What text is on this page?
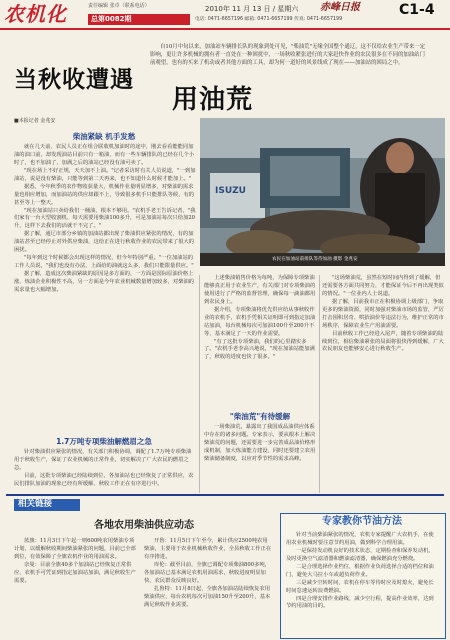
农机化	责任编辑 张卓（联系电话）
总第0082期
2010年 11 月 13 日 / 星期六 赤峰日报	C1-4
电话: 0471-6657196 邮箱: 0471-6657199 传真: 0471-6657199

自10月中旬以来，加油站车辆排长队的现象到处可见，"柴油荒"无缘全国整个通辽，这不仅给农业生产带来一定影响，更让许多机械的拥有者一直处在一种困扰中，一场秋收紧张进行的大家赶快作业的农民很多在不同的加油站门前观望，也有的买来了机动或者其他方面的工具，却为何一道好的风景线成了现在——加油站的困局之中。

当秋收遭遇
用油荒
■本报记者 金兆安
ISUZU
农民在加油站前排队等待加油 摄影 金兆安

柴油紧缺 机手发愁

就在几天前，农民人员正在组合联收机加油时的途中，刚去看看能能同加油的油口前，却发现油站目前只有一箱油，而有一些车辆排队的已经在几个小时了，也不加油了，加满之后的油站已经没有油可卖了。

"现在场上不好正规，天天加不上油。"记者采访时有关人员说道，"一到加油站，说是没有柴油，只能等到第二天再来，也不知道什么时候才能加上。"

据悉，今年秋季的农作物收获量大，机械作业量明显增多，对柴油的需求量也相应增加，而加油站的供应却跟不上，导致很多机手只能排队等候，有的甚至等上一整天。

"现在加油站只卖给我们一桶油，根本不够用。"农机手老王告诉记者，"我们家有一台大型收割机，每天需要用柴油100多升，可是加油站每次只给加20升，这样下去我们的活就干不完了。"

据了解，通辽市部分乡镇的加油站都出现了柴油供应紧张的情况，有的加油站甚至已经停止对外供应柴油，这给正在进行秋收作业的农民带来了很大的困扰。

"每年到这个时候都会出现这样的情况，但今年特别严重。"一位加油站的工作人员说，"我们也没有办法，上面给的油就这么多，我们只能限量供应。"

据了解，造成这次柴油紧缺的原因是多方面的，一方面是国际原油价格上涨，炼油企业积极性不高，另一方面是今年农业机械数量增加较多，对柴油的需求量也大幅增加。

1.7万吨专项柴油解燃眉之急

针对柴油供应紧张的情况，有关部门积极协调，调配了1.7万吨专项柴油用于秋收生产，保证了农业机械的正常作业，切实解决了广大农民的燃眉之急。

目前，这批专项柴油已经陆续到位，各加油站也已经恢复了正常供应，农民们排队加油的现象已经有所缓解，秋收工作正在有序进行中。

上述柴油销售价格为每吨，为保障专项柴油能够真正用于农业生产，有关部门对专项柴油的使用进行了严格的监督管理，确保每一滴油都用到农民身上。

据介绍，专项柴油将优先供应给从事秋收作业的农机手，农机手凭相关证明即可到指定加油站加油，每台机械每次可加油100升至200升不等，基本满足了一天的作业需要。

"有了这批专项柴油，我们的心里踏实多了。"农机手老李高兴地说，"现在加油站能加满了，秋收的进度也快了很多。"

"柴油荒"有待缓解

一场柴油荒，暴露出了我国成品油供应体系中存在的诸多问题。专家表示，要从根本上解决柴油荒的问题，还需要进一步完善成品油价格形成机制，加大炼油能力建设，同时还要建立农用柴油储备制度，以应对季节性的需求高峰。

"这场柴油荒，虽然在短时间内得到了缓解，但还需要各方面共同努力，才能保证今后不再出现类似的情况。"一位业内人士说道。

据了解，目前我市正在积极协调上级部门，争取更多的柴油资源，同时加强对柴油市场的监管，严厉打击囤积居奇、哄抬油价等违法行为，维护正常的市场秩序，保障农业生产用油需要。

目前秋收工作已经进入尾声，随着专项柴油的陆续到位，相信柴油紧张的局面将很快得到缓解，广大农民朋友也能够安心进行秋收生产。

相关链接
各地农用柴油供应动态

蓝旗：11月3日下午起一则600吨农用柴油专项计划，以缓解秋收期间柴油紧张的问题，目前已全部到位，有效保障了全旗农机作业的用油需求。

奈曼：目前全旗40多个加油站已经恢复正常供应，农机手可凭证到指定加油站加油，满足秋收生产需要。

开鲁：11月5日下午至今，累计供应2500吨农用柴油，主要用于农业机械秋收作业，全县秋收工作正在有序推进。

库伦：截至目前，全旗已调配专项柴油800多吨，各加油站已基本满足农机用油需求，秋收进度明显加快，农民群众反映良好。

扎鲁特：11月8日起，全旗各加油站陆续恢复农用柴油供应，每台农机每次可加油150升至200升，基本满足秋收作业需要。

专家教你节油方法

针对当前柴油紧张的情况，农机专家提醒广大农机手，在使用农业机械时要注意节约用油，做到科学合理用油。

一是保持发动机良好的技术状态，定期检查和保养发动机，及时更换空气滤清器和燃油滤清器，确保燃油充分燃烧。

二是合理选择作业档位，根据作业负荷选择合适的档位和油门，避免大马拉小车或超负荷作业。

三是减少空转时间，农机在停车等待时应及时熄火，避免长时间怠速运转浪费燃油。

四是合理安排作业路线，减少空行程，提高作业效率，达到节约用油的目的。
